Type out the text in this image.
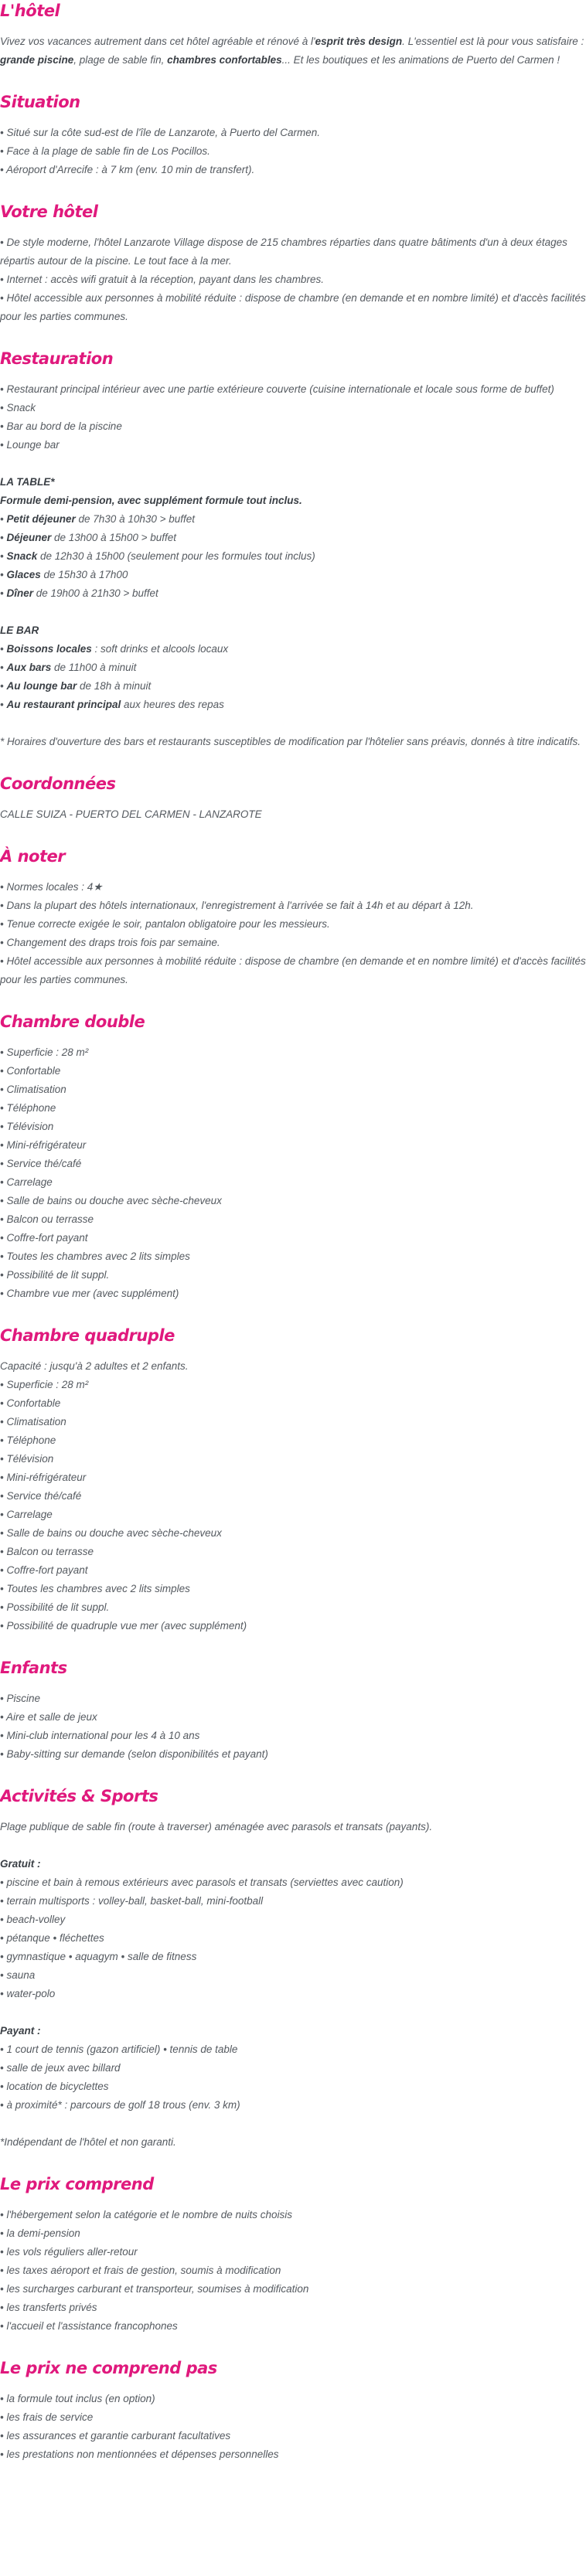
L'hôtel

Vivez vos vacances autrement dans cet hôtel agréable et rénové à l'esprit très design. L'essentiel est là pour vous satisfaire : grande piscine, plage de sable fin, chambres confortables... Et les boutiques et les animations de Puerto del Carmen !

Situation
• Situé sur la côte sud-est de l'île de Lanzarote, à Puerto del Carmen.
• Face à la plage de sable fin de Los Pocillos.
• Aéroport d'Arrecife : à 7 km (env. 10 min de transfert).
Votre hôtel
• De style moderne, l'hôtel Lanzarote Village dispose de 215 chambres réparties dans quatre bâtiments d'un à deux étages répartis autour de la piscine. Le tout face à la mer.
• Internet : accès wifi gratuit à la réception, payant dans les chambres.
• Hôtel accessible aux personnes à mobilité réduite : dispose de chambre (en demande et en nombre limité) et d'accès facilités pour les parties communes.
Restauration
• Restaurant principal intérieur avec une partie extérieure couverte (cuisine internationale et locale sous forme de buffet)
• Snack
• Bar au bord de la piscine
• Lounge bar
LA TABLE*
Formule demi-pension, avec supplément formule tout inclus.
• Petit déjeuner de 7h30 à 10h30 > buffet
• Déjeuner de 13h00 à 15h00 > buffet
• Snack de 12h30 à 15h00 (seulement pour les formules tout inclus)
• Glaces de 15h30 à 17h00
• Dîner de 19h00 à 21h30 > buffet
LE BAR
• Boissons locales : soft drinks et alcools locaux
• Aux bars de 11h00 à minuit
• Au lounge bar de 18h à minuit
• Au restaurant principal aux heures des repas

* Horaires d'ouverture des bars et restaurants susceptibles de modification par l'hôtelier sans préavis, donnés à titre indicatifs.

Coordonnées

CALLE SUIZA - PUERTO DEL CARMEN - LANZAROTE

À noter
• Normes locales : 4★
• Dans la plupart des hôtels internationaux, l'enregistrement à l'arrivée se fait à 14h et au départ à 12h.
• Tenue correcte exigée le soir, pantalon obligatoire pour les messieurs.
• Changement des draps trois fois par semaine.
• Hôtel accessible aux personnes à mobilité réduite : dispose de chambre (en demande et en nombre limité) et d'accès facilités pour les parties communes.
Chambre double
• Superficie : 28 m²
• Confortable
• Climatisation
• Téléphone
• Télévision
• Mini-réfrigérateur
• Service thé/café
• Carrelage
• Salle de bains ou douche avec sèche-cheveux
• Balcon ou terrasse
• Coffre-fort payant
• Toutes les chambres avec 2 lits simples
• Possibilité de lit suppl.
• Chambre vue mer (avec supplément)
Chambre quadruple

Capacité : jusqu'à 2 adultes et 2 enfants.

• Superficie : 28 m²
• Confortable
• Climatisation
• Téléphone
• Télévision
• Mini-réfrigérateur
• Service thé/café
• Carrelage
• Salle de bains ou douche avec sèche-cheveux
• Balcon ou terrasse
• Coffre-fort payant
• Toutes les chambres avec 2 lits simples
• Possibilité de lit suppl.
• Possibilité de quadruple vue mer (avec supplément)
Enfants
• Piscine
• Aire et salle de jeux
• Mini-club international pour les 4 à 10 ans
• Baby-sitting sur demande (selon disponibilités et payant)
Activités & Sports

Plage publique de sable fin (route à traverser) aménagée avec parasols et transats (payants).

Gratuit :
• piscine et bain à remous extérieurs avec parasols et transats (serviettes avec caution)
• terrain multisports : volley-ball, basket-ball, mini-football
• beach-volley
• pétanque • fléchettes
• gymnastique • aquagym • salle de fitness
• sauna
• water-polo
Payant :
• 1 court de tennis (gazon artificiel) • tennis de table
• salle de jeux avec billard
• location de bicyclettes
• à proximité* : parcours de golf 18 trous (env. 3 km)

*Indépendant de l'hôtel et non garanti.

Le prix comprend
• l'hébergement selon la catégorie et le nombre de nuits choisis
• la demi-pension
• les vols réguliers aller-retour
• les taxes aéroport et frais de gestion, soumis à modification
• les surcharges carburant et transporteur, soumises à modification
• les transferts privés
• l'accueil et l'assistance francophones
Le prix ne comprend pas
• la formule tout inclus (en option)
• les frais de service
• les assurances et garantie carburant facultatives
• les prestations non mentionnées et dépenses personnelles
